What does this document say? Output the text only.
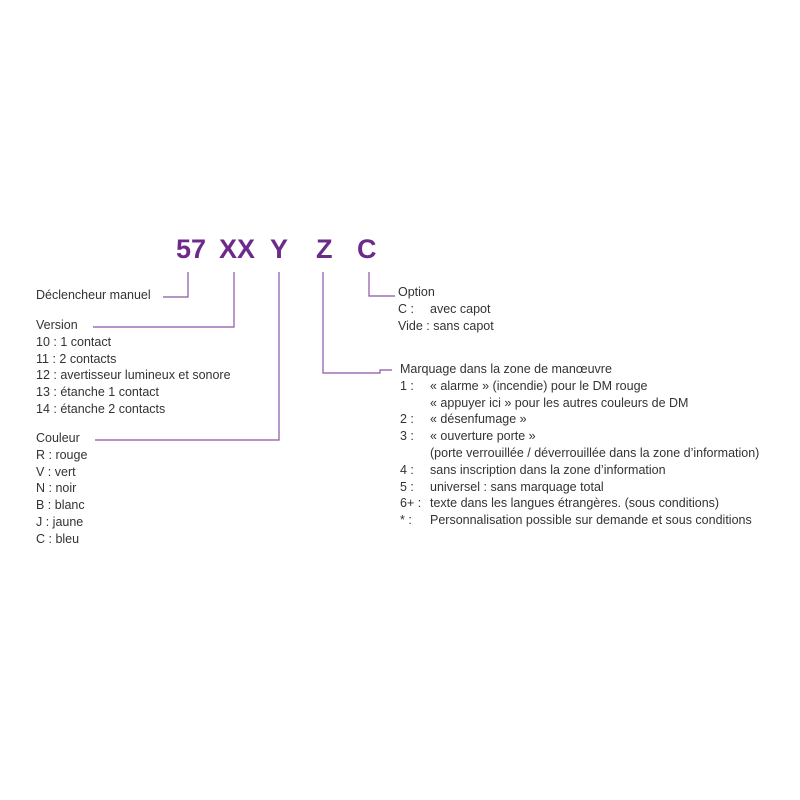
57 XX Y Z C
Déclencheur manuel
Version
10 : 1 contact
11 : 2 contacts
12 : avertisseur lumineux et sonore
13 : étanche 1 contact
14 : étanche 2 contacts
Couleur
R : rouge
V : vert
N : noir
B : blanc
J : jaune
C : bleu
Option
C : avec capot
Vide : sans capot
Marquage dans la zone de manœuvre
1 : « alarme » (incendie) pour le DM rouge
« appuyer ici » pour les autres couleurs de DM
2 : « désenfumage »
3 : « ouverture porte »
(porte verrouillée / déverrouillée dans la zone d’information)
4 : sans inscription dans la zone d’information
5 : universel : sans marquage total
6+ : texte dans les langues étrangères. (sous conditions)
* : Personnalisation possible sur demande et sous conditions
